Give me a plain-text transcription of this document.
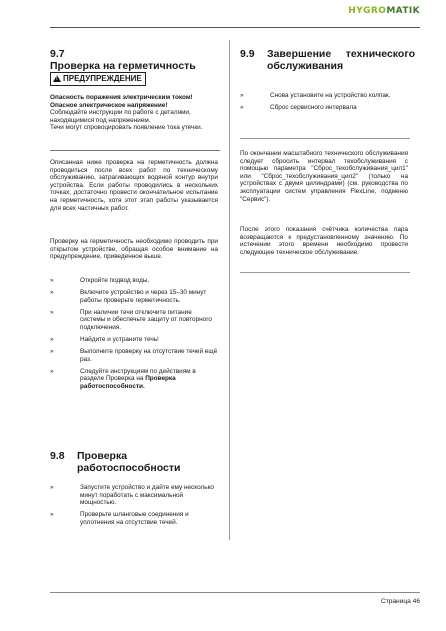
HYGROMATIK
9.7Проверка на герметичность
! ПРЕДУПРЕЖДЕНИЕ
Опасность поражения электрическим током!
Опасное электрическое напряжение!
Соблюдайте инструкции по работе с деталями, находящимися под напряжением.
Течи могут спровоцировать появление тока утечки.

Описанная ниже проверка на герметичность должна проводиться после всех работ по техническому обслуживанию, затрагивающих водяной контур внутри устройства. Если работы проводились в нескольких точках, достаточно провести окончательное испытание на герметичность, хотя этот этап работы указывается для всех частичных работ.

Проверку на герметичность необходимо проводить при открытом устройстве, обращая особое внимание на предупреждение, приведенное выше.

»	Откройте подвод воды.
»	Включите устройство и через 15–30 минут работы проверьте герметичность.
»	При наличии течи отключите питание системы и обеспечьте защиту от повторного подключения.
»	Найдите и устраните течь!
»	Выполните проверку на отсутствие течей ещё раз.
»	Следуйте инструкциям по действиям в разделе Проверка на Проверка работоспособности.
9.8 Проверка работоспособности
»	Запустите устройство и дайте ему несколько минут поработать с максимальной мощностью.
»	Проверьте шланговые соединения и уплотнения на отсутствие течей.
9.9 Завершение технического обслуживания
»	Снова установите на устройство колпак.
»	Сброс сервисного интервала

По окончании масштабного технического обслуживания следует сбросить интервал техобслуживания с помощью параметра "Сброс_техобслуживания_цил1" или "Сброс_техобслуживания_цил2" (только на устройствах с двумя цилиндрами) (см. руководства по эксплуатации систем управления FlexLine, подменю "Сервис").

После этого показания счётчика количества пара возвращаются к предустановленному значению. По истечении этого времени необходимо провести следующее техническое обслуживание.

Страница 46
